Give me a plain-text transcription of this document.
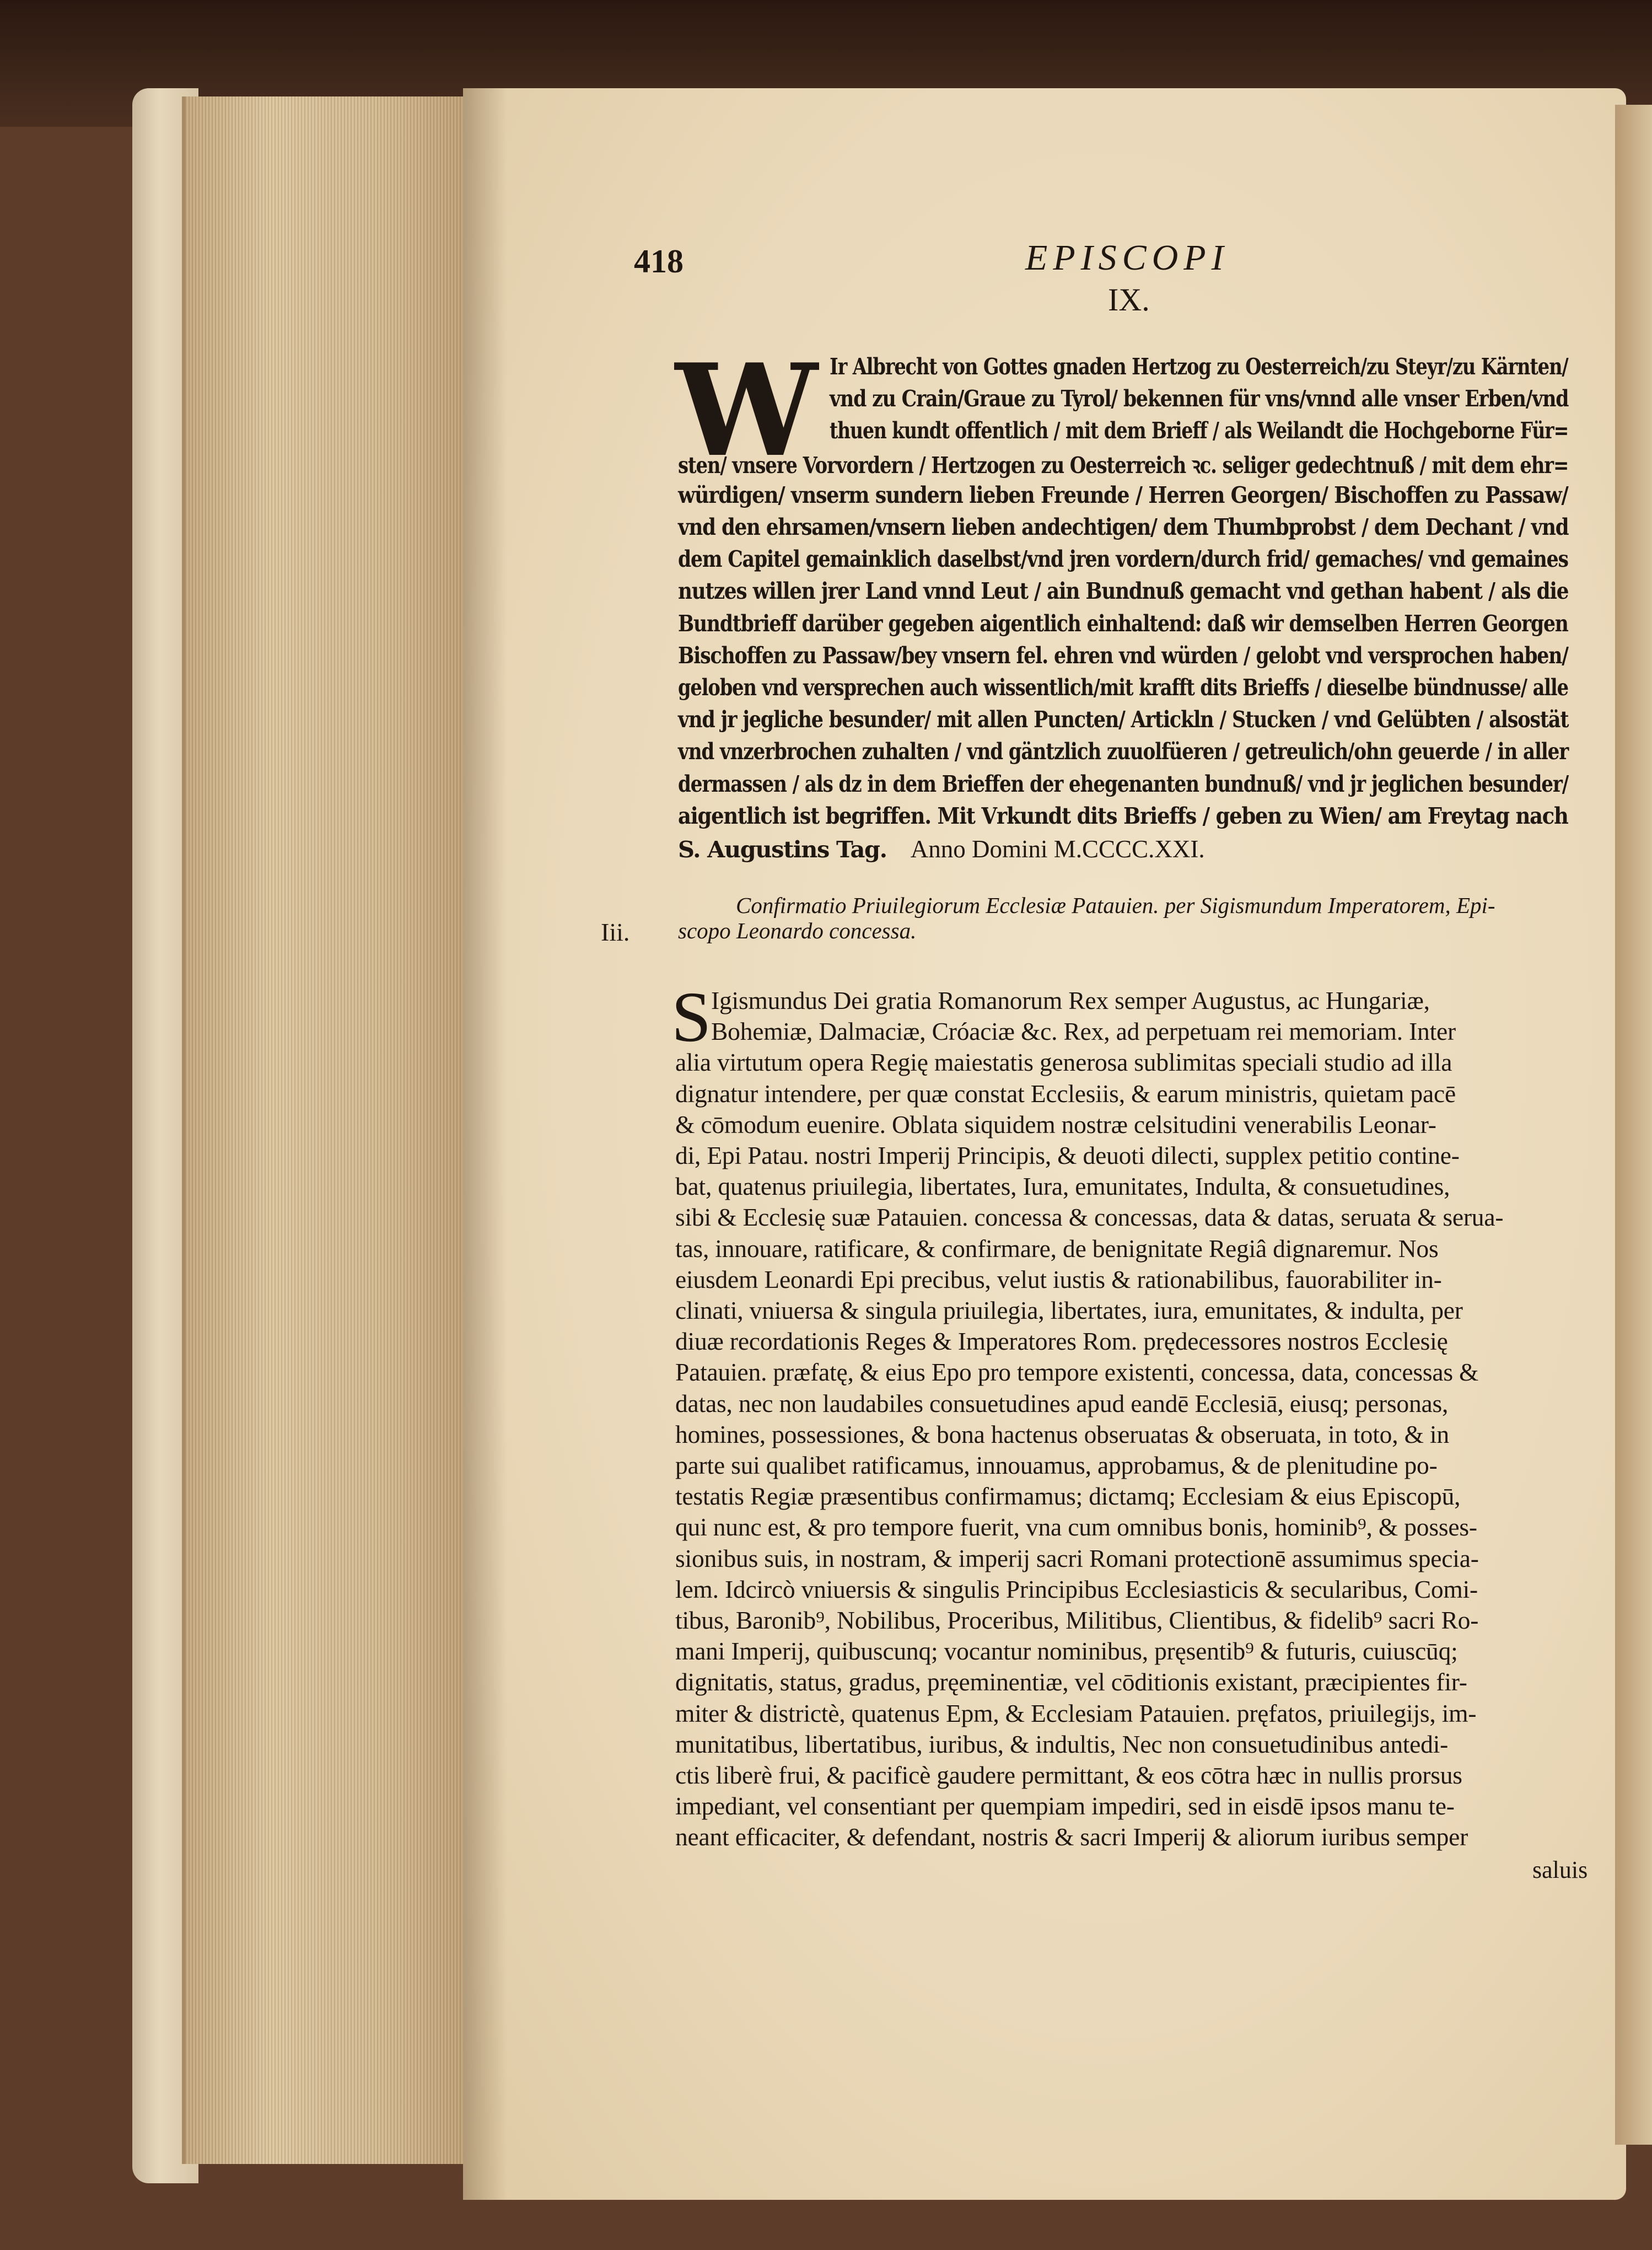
418	EPISCOPI
IX.
W Ir Albrecht von Gottes gnaden Hertzog zu Oesterreich/zu Steyr/zu Kärnten/
vnd zu Crain/Graue zu Tyrol/ bekennen für vns/vnnd alle vnser Erben/vnd
thuen kundt offentlich / mit dem Brieff / als Weilandt die Hochgeborne Für=
sten/ vnsere Vorvordern / Hertzogen zu Oesterreich ꝛc. seliger gedechtnuß / mit dem ehr=
würdigen/ vnserm sundern lieben Freunde / Herren Georgen/ Bischoffen zu Passaw/
vnd den ehrsamen/vnsern lieben andechtigen/ dem Thumbprobst / dem Dechant / vnd
dem Capitel gemainklich daselbst/vnd jren vordern/durch frid/ gemaches/ vnd gemaines
nutzes willen jrer Land vnnd Leut / ain Bundnuß gemacht vnd gethan habent / als die
Bundtbrieff darüber gegeben aigentlich einhaltend: daß wir demselben Herren Georgen
Bischoffen zu Passaw/bey vnsern fel. ehren vnd würden / gelobt vnd versprochen haben/
geloben vnd versprechen auch wissentlich/mit krafft dits Brieffs / dieselbe bündnusse/ alle
vnd jr jegliche besunder/ mit allen Puncten/ Artickln / Stucken / vnd Gelübten / alsostät
vnd vnzerbrochen zuhalten / vnd gäntzlich zuuolfüeren / getreulich/ohn geuerde / in aller
dermassen / als dz in dem Brieffen der ehegenanten bundnuß/ vnd jr jeglichen besunder/
aigentlich ist begriffen. Mit Vrkundt dits Brieffs / geben zu Wien/ am Freytag nach
S. Augustins Tag. Anno Domini M.CCCC.XXI.
Confirmatio Priuilegiorum Ecclesiæ Patauien. per Sigismundum Imperatorem, Epi-
scopo Leonardo concessa.
Iii.
S Igismundus Dei gratia Romanorum Rex semper Augustus, ac Hungariæ,
Bohemiæ, Dalmaciæ, Cróaciæ &c. Rex, ad perpetuam rei memoriam. Inter
alia virtutum opera Regię maiestatis generosa sublimitas speciali studio ad illa
dignatur intendere, per quæ constat Ecclesiis, & earum ministris, quietam pacē
& cōmodum euenire. Oblata siquidem nostræ celsitudini venerabilis Leonar-
di, Epi Patau. nostri Imperij Principis, & deuoti dilecti, supplex petitio contine-
bat, quatenus priuilegia, libertates, Iura, emunitates, Indulta, & consuetudines,
sibi & Ecclesię suæ Patauien. concessa & concessas, data & datas, seruata & serua-
tas, innouare, ratificare, & confirmare, de benignitate Regiâ dignaremur. Nos
eiusdem Leonardi Epi precibus, velut iustis & rationabilibus, fauorabiliter in-
clinati, vniuersa & singula priuilegia, libertates, iura, emunitates, & indulta, per
diuæ recordationis Reges & Imperatores Rom. prędecessores nostros Ecclesię
Patauien. præfatę, & eius Epo pro tempore existenti, concessa, data, concessas &
datas, nec non laudabiles consuetudines apud eandē Ecclesiā, eiusq; personas,
homines, possessiones, & bona hactenus obseruatas & obseruata, in toto, & in
parte sui qualibet ratificamus, innouamus, approbamus, & de plenitudine po-
testatis Regiæ præsentibus confirmamus; dictamq; Ecclesiam & eius Episcopū,
qui nunc est, & pro tempore fuerit, vna cum omnibus bonis, hominib⁹, & posses-
sionibus suis, in nostram, & imperij sacri Romani protectionē assumimus specia-
lem. Idcircò vniuersis & singulis Principibus Ecclesiasticis & secularibus, Comi-
tibus, Baronib⁹, Nobilibus, Proceribus, Militibus, Clientibus, & fidelib⁹ sacri Ro-
mani Imperij, quibuscunq; vocantur nominibus, pręsentib⁹ & futuris, cuiuscūq;
dignitatis, status, gradus, pręeminentiæ, vel cōditionis existant, præcipientes fir-
miter & districtè, quatenus Epm, & Ecclesiam Patauien. pręfatos, priuilegijs, im-
munitatibus, libertatibus, iuribus, & indultis, Nec non consuetudinibus antedi-
ctis liberè frui, & pacificè gaudere permittant, & eos cōtra hæc in nullis prorsus
impediant, vel consentiant per quempiam impediri, sed in eisdē ipsos manu te-
neant efficaciter, & defendant, nostris & sacri Imperij & aliorum iuribus semper
saluis
